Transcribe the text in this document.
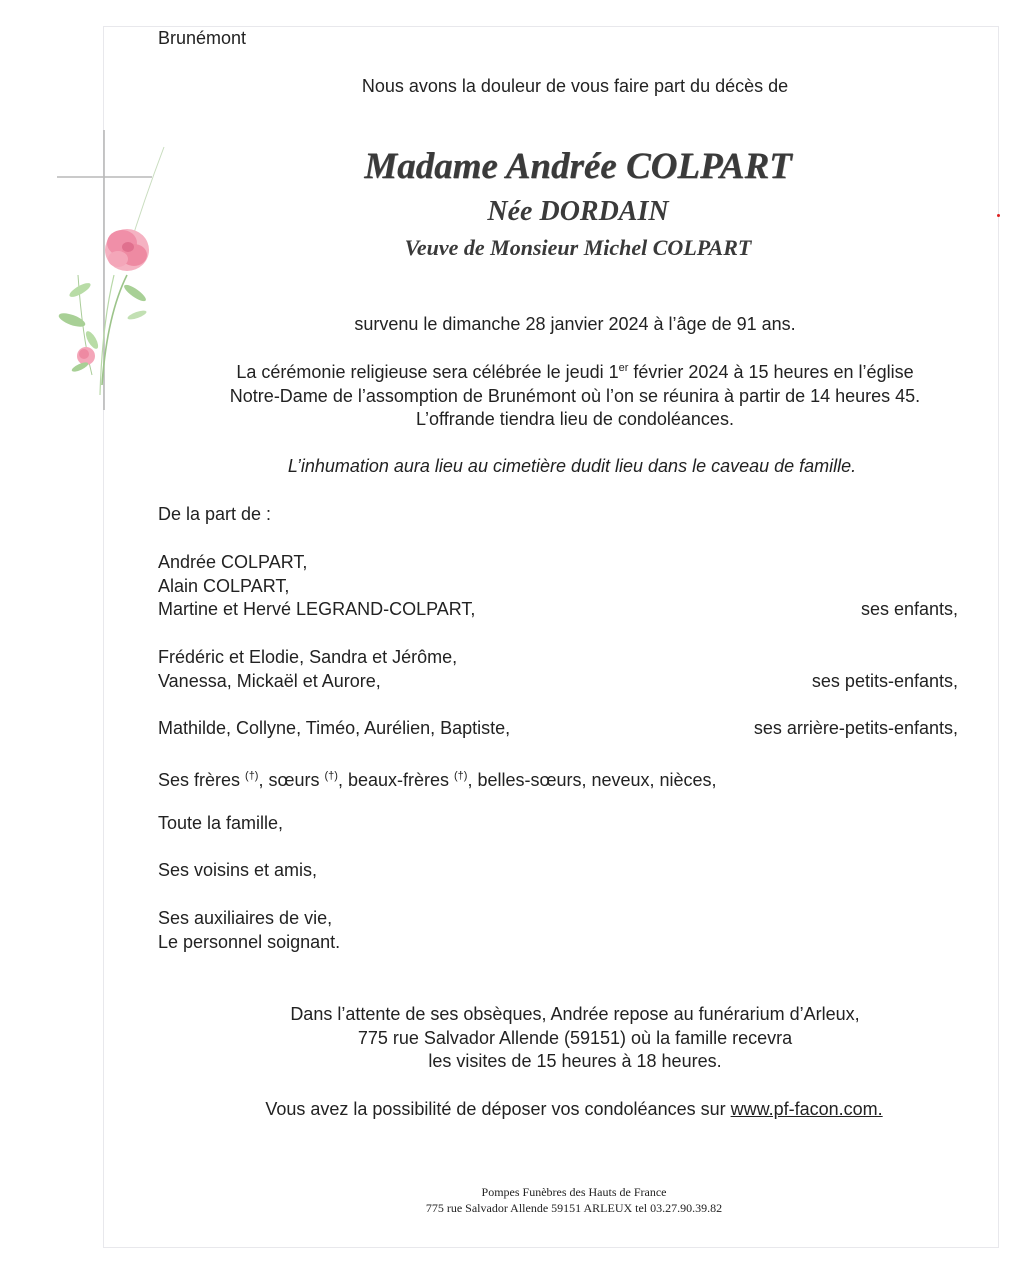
Brunémont
Nous avons la douleur de vous faire part du décès de
Madame Andrée COLPART
Née DORDAIN
Veuve de Monsieur Michel COLPART
survenu le dimanche 28 janvier 2024 à l’âge de 91 ans.
La cérémonie religieuse sera célébrée le jeudi 1er février 2024 à 15 heures en l’église
Notre-Dame de l’assomption de Brunémont où l’on se réunira à partir de 14 heures 45.
L’offrande tiendra lieu de condoléances.
L’inhumation aura lieu au cimetière dudit lieu dans le caveau de famille.
De la part de :
Andrée COLPART,
Alain COLPART,
Martine et Hervé LEGRAND-COLPART,	ses enfants,
Frédéric et Elodie, Sandra et Jérôme,
Vanessa, Mickaël et Aurore,	ses petits-enfants,
Mathilde, Collyne, Timéo, Aurélien, Baptiste,	ses arrière-petits-enfants,
Ses frères (†), sœurs (†), beaux-frères (†), belles-sœurs, neveux, nièces,
Toute la famille,
Ses voisins et amis,
Ses auxiliaires de vie,
Le personnel soignant.
Dans l’attente de ses obsèques, Andrée repose au funérarium d’Arleux,
775 rue Salvador Allende (59151) où la famille recevra
les visites de 15 heures à 18 heures.
Vous avez la possibilité de déposer vos condoléances sur www.pf-facon.com.
Pompes Funèbres des Hauts de France
775 rue Salvador Allende 59151 ARLEUX tel 03.27.90.39.82
